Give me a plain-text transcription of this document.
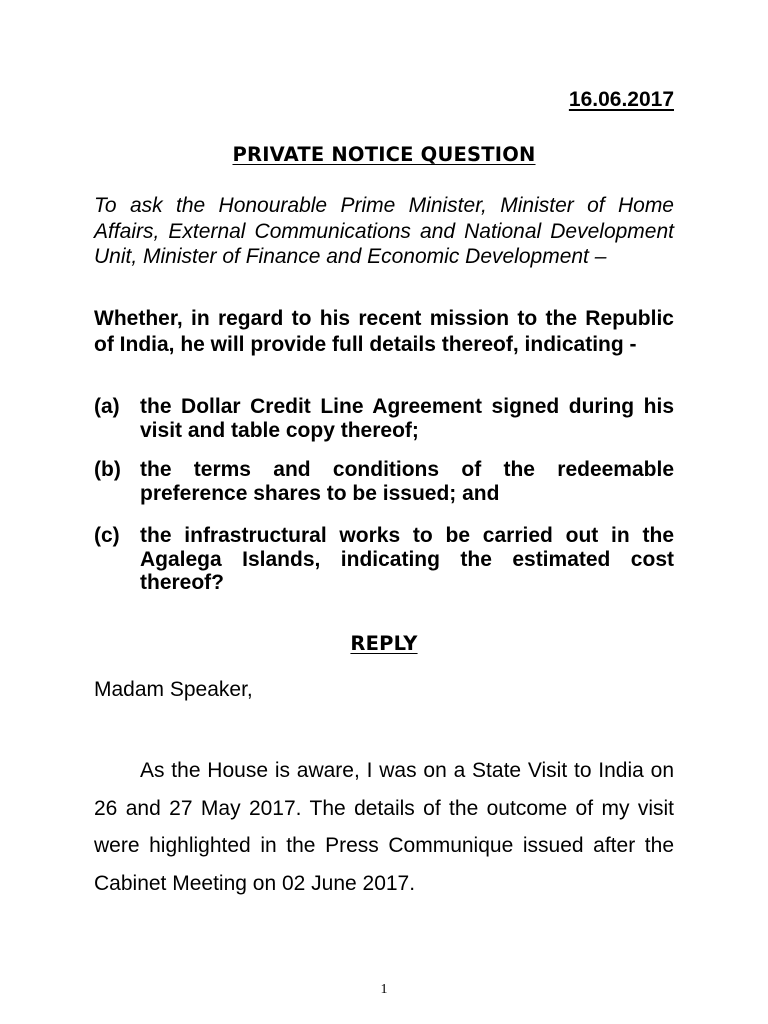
16.06.2017
PRIVATE NOTICE QUESTION
To ask the Honourable Prime Minister, Minister of Home Affairs, External Communications and National Development Unit, Minister of Finance and Economic Development –
Whether, in regard to his recent mission to the Republic of India, he will provide full details thereof, indicating -
(a) the Dollar Credit Line Agreement signed during his visit and table copy thereof;
(b) the terms and conditions of the redeemable preference shares to be issued; and
(c) the infrastructural works to be carried out in the Agalega Islands, indicating the estimated cost thereof?
REPLY
Madam Speaker,
As the House is aware, I was on a State Visit to India on 26 and 27 May 2017. The details of the outcome of my visit were highlighted in the Press Communique issued after the Cabinet Meeting on 02 June 2017.
1
